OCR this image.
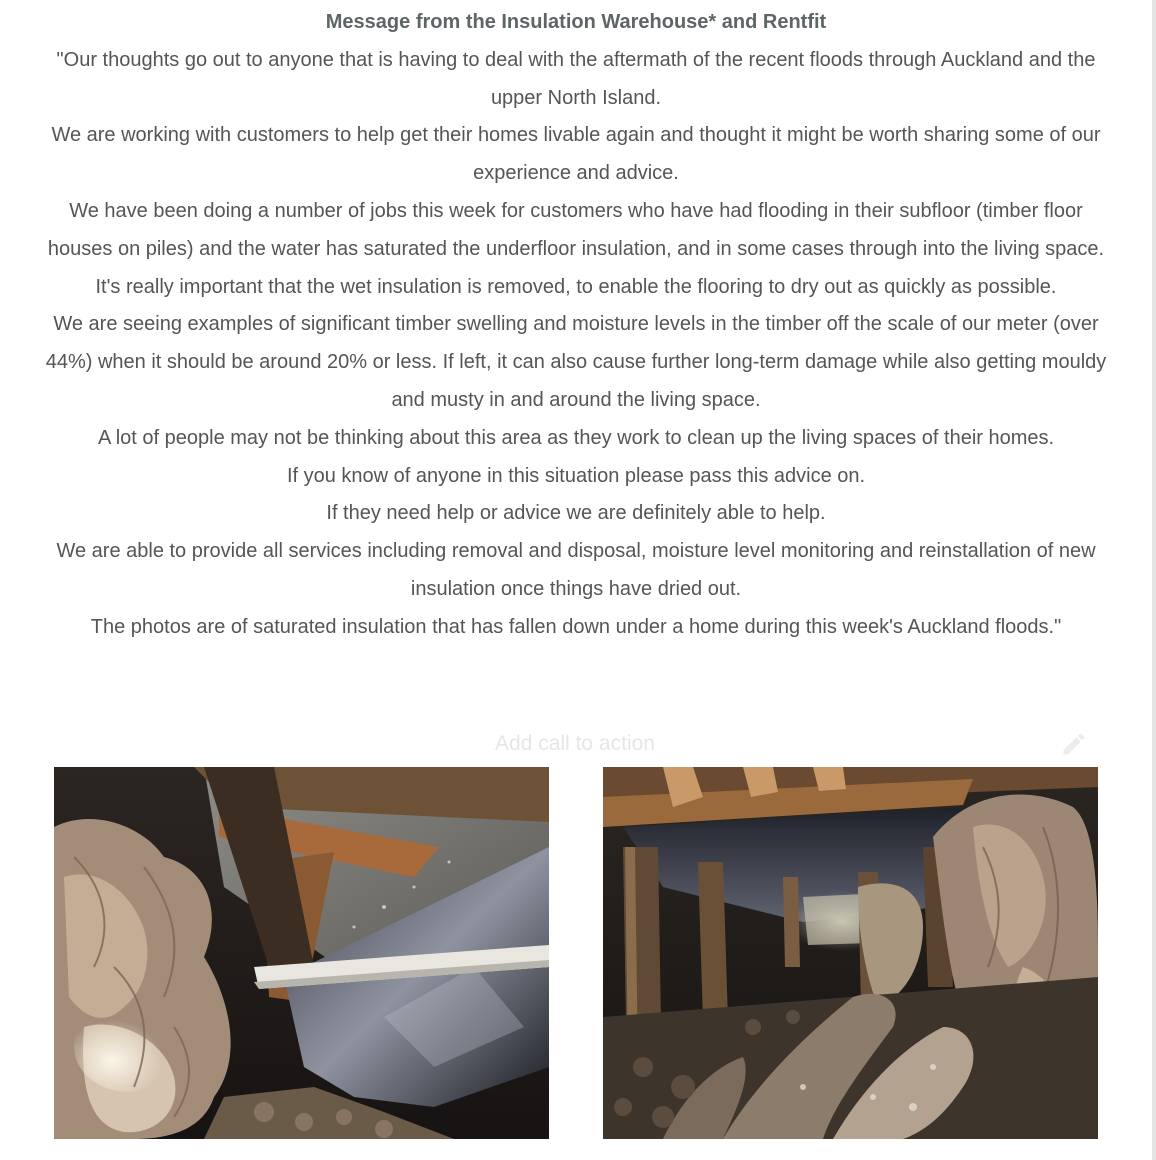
Message from the Insulation Warehouse* and Rentfit

"Our thoughts go out to anyone that is having to deal with the aftermath of the recent floods through Auckland and the upper North Island.

We are working with customers to help get their homes livable again and thought it might be worth sharing some of our experience and advice.

We have been doing a number of jobs this week for customers who have had flooding in their subfloor (timber floor houses on piles) and the water has saturated the underfloor insulation, and in some cases through into the living space.

It's really important that the wet insulation is removed, to enable the flooring to dry out as quickly as possible.

We are seeing examples of significant timber swelling and moisture levels in the timber off the scale of our meter (over 44%) when it should be around 20% or less. If left, it can also cause further long-term damage while also getting mouldy and musty in and around the living space.

A lot of people may not be thinking about this area as they work to clean up the living spaces of their homes.

If you know of anyone in this situation please pass this advice on.

If they need help or advice we are definitely able to help.

We are able to provide all services including removal and disposal, moisture level monitoring and reinstallation of new insulation once things have dried out.

The photos are of saturated insulation that has fallen down under a home during this week's Auckland floods."

Add call to action
